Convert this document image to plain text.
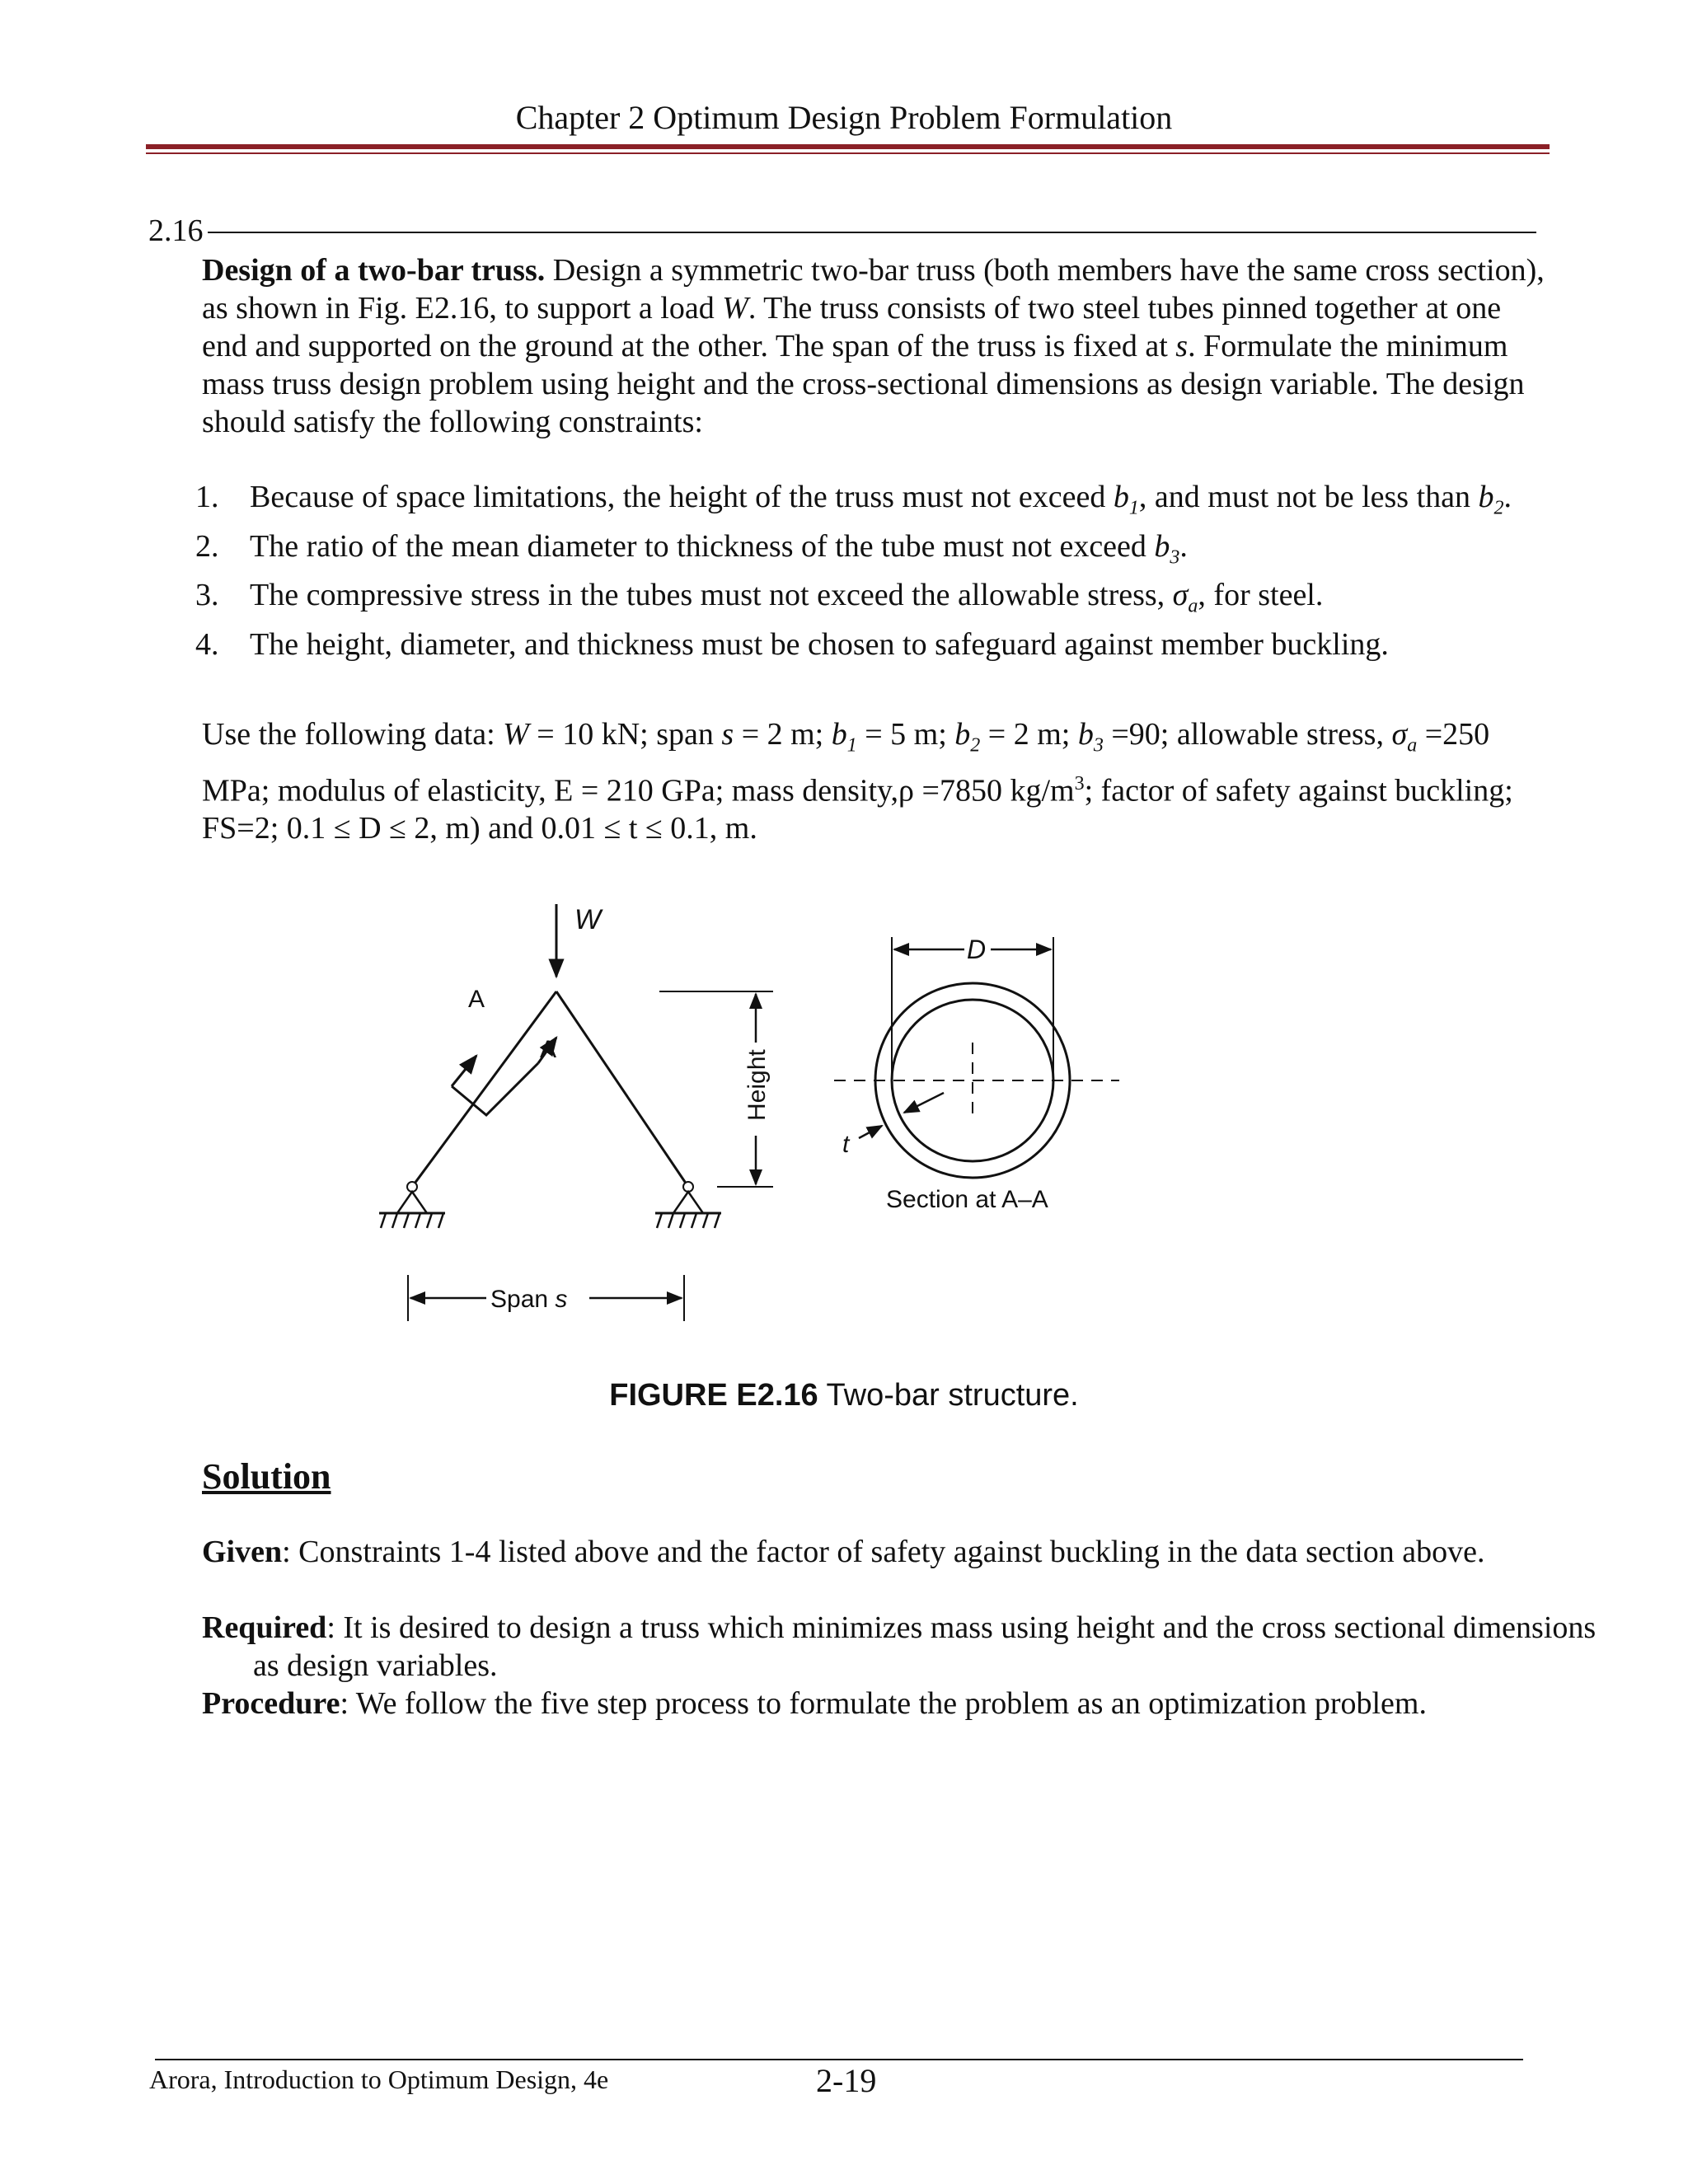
Chapter 2 Optimum Design Problem Formulation
2.16
Design of a two-bar truss. Design a symmetric two-bar truss (both members have the same cross section), as shown in Fig. E2.16, to support a load W. The truss consists of two steel tubes pinned together at one end and supported on the ground at the other. The span of the truss is fixed at s. Formulate the minimum mass truss design problem using height and the cross-sectional dimensions as design variable. The design should satisfy the following constraints:
1. Because of space limitations, the height of the truss must not exceed $b_1$, and must not be less than $b_2$.
2. The ratio of the mean diameter to thickness of the tube must not exceed $b_3$.
3. The compressive stress in the tubes must not exceed the allowable stress, $\sigma_a$, for steel.
4. The height, diameter, and thickness must be chosen to safeguard against member buckling.
Use the following data: W = 10 kN; span s = 2 m; $b_1 = 5$ m; $b_2 = 2$ m; $b_3 =90$; allowable stress, $\sigma_a =250$ MPa; modulus of elasticity, E = 210 GPa; mass density,ρ =7850 $kg/m^3$; factor of safety against buckling; FS=2; 0.1 ≤ D ≤ 2, m) and 0.01 ≤ t ≤ 0.1, m.
W
A
A	Height
Span s
D
t
Section at A–A
FIGURE E2.16 Two-bar structure.
Solution
Given: Constraints 1-4 listed above and the factor of safety against buckling in the data section above.
Required: It is desired to design a truss which minimizes mass using height and the cross sectional dimensions as design variables.
Procedure: We follow the five step process to formulate the problem as an optimization problem.
Arora, Introduction to Optimum Design, 4e	2-19
